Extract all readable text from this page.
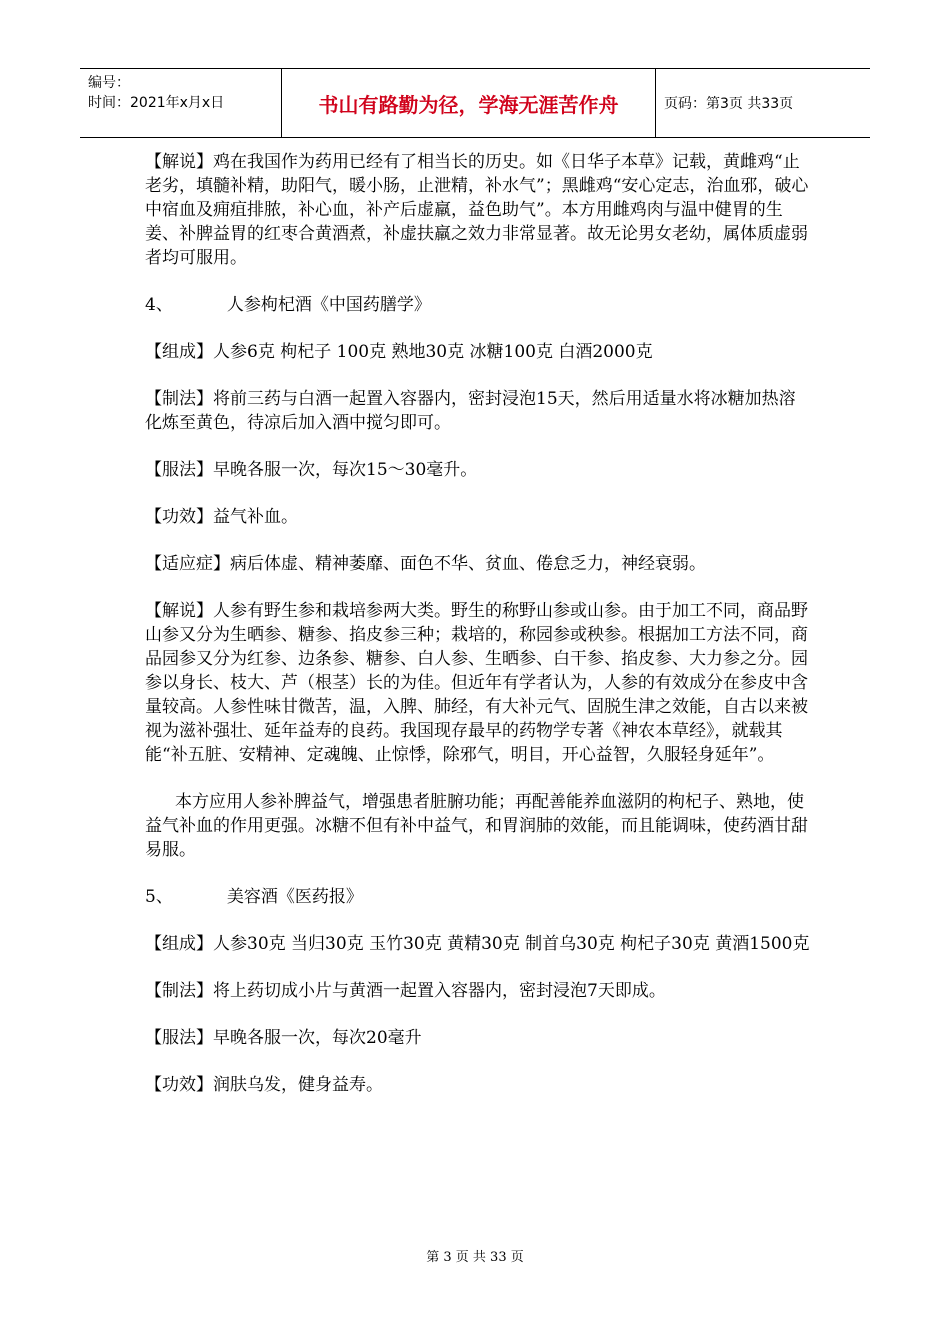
编号：
时间：2021年x月x日	书山有路勤为径，学海无涯苦作舟	页码：第3页 共33页

【解说】鸡在我国作为药用已经有了相当长的历史。如《日华子本草》记载，黄雌鸡“止老劣，填髓补精，助阳气，暖小肠，止泄精，补水气”；黑雌鸡“安心定志，治血邪，破心中宿血及痈疽排脓，补心血，补产后虚羸，益色助气”。本方用雌鸡肉与温中健胃的生姜、补脾益胃的红枣合黄酒煮，补虚扶羸之效力非常显著。故无论男女老幼，属体质虚弱者均可服用。

4、          人参枸杞酒《中国药膳学》

【组成】人参6克 枸杞子 100克 熟地30克 冰糖100克 白酒2000克

【制法】将前三药与白酒一起置入容器内，密封浸泡15天，然后用适量水将冰糖加热溶化炼至黄色，待凉后加入酒中搅匀即可。

【服法】早晚各服一次，每次15～30毫升。

【功效】益气补血。

【适应症】病后体虚、精神萎靡、面色不华、贫血、倦怠乏力，神经衰弱。

【解说】人参有野生参和栽培参两大类。野生的称野山参或山参。由于加工不同，商品野山参又分为生晒参、糖参、掐皮参三种；栽培的，称园参或秧参。根据加工方法不同，商品园参又分为红参、边条参、糖参、白人参、生晒参、白干参、掐皮参、大力参之分。园参以身长、枝大、芦（根茎）长的为佳。但近年有学者认为，人参的有效成分在参皮中含量较高。人参性味甘微苦，温，入脾、肺经，有大补元气、固脱生津之效能，自古以来被视为滋补强壮、延年益寿的良药。我国现存最早的药物学专著《神农本草经》，就载其能“补五脏、安精神、定魂魄、止惊悸，除邪气，明目，开心益智，久服轻身延年”。

本方应用人参补脾益气，增强患者脏腑功能；再配善能养血滋阴的枸杞子、熟地，使益气补血的作用更强。冰糖不但有补中益气，和胃润肺的效能，而且能调味，使药酒甘甜易服。

5、          美容酒《医药报》

【组成】人参30克 当归30克 玉竹30克 黄精30克 制首乌30克 枸杞子30克 黄酒1500克

【制法】将上药切成小片与黄酒一起置入容器内，密封浸泡7天即成。

【服法】早晚各服一次，每次20毫升

【功效】润肤乌发，健身益寿。

第 3 页 共 33 页
